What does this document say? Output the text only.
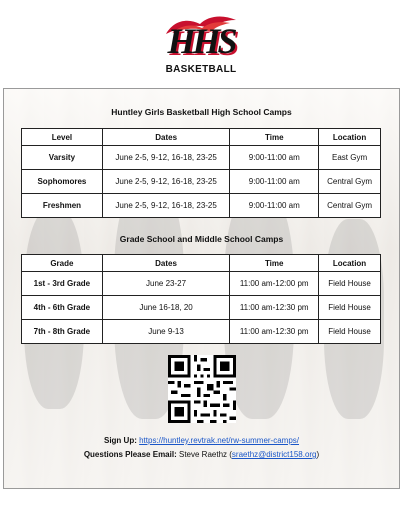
HHS
BASKETBALL
Huntley Girls Basketball High School Camps
Level	Dates	Time	Location
Varsity	June 2-5, 9-12, 16-18, 23-25	9:00-11:00 am	East Gym
Sophomores	June 2-5, 9-12, 16-18, 23-25	9:00-11:00 am	Central Gym
Freshmen	June 2-5, 9-12, 16-18, 23-25	9:00-11:00 am	Central Gym
Grade School and Middle School Camps
Grade	Dates	Time	Location
1st - 3rd Grade	June 23-27	11:00 am-12:00 pm	Field House
4th - 6th Grade	June 16-18, 20	11:00 am-12:30 pm	Field House
7th - 8th Grade	June 9-13	11:00 am-12:30 pm	Field House
Sign Up: https://huntley.revtrak.net/rw-summer-camps/
Questions Please Email: Steve Raethz (sraethz@district158.org)
